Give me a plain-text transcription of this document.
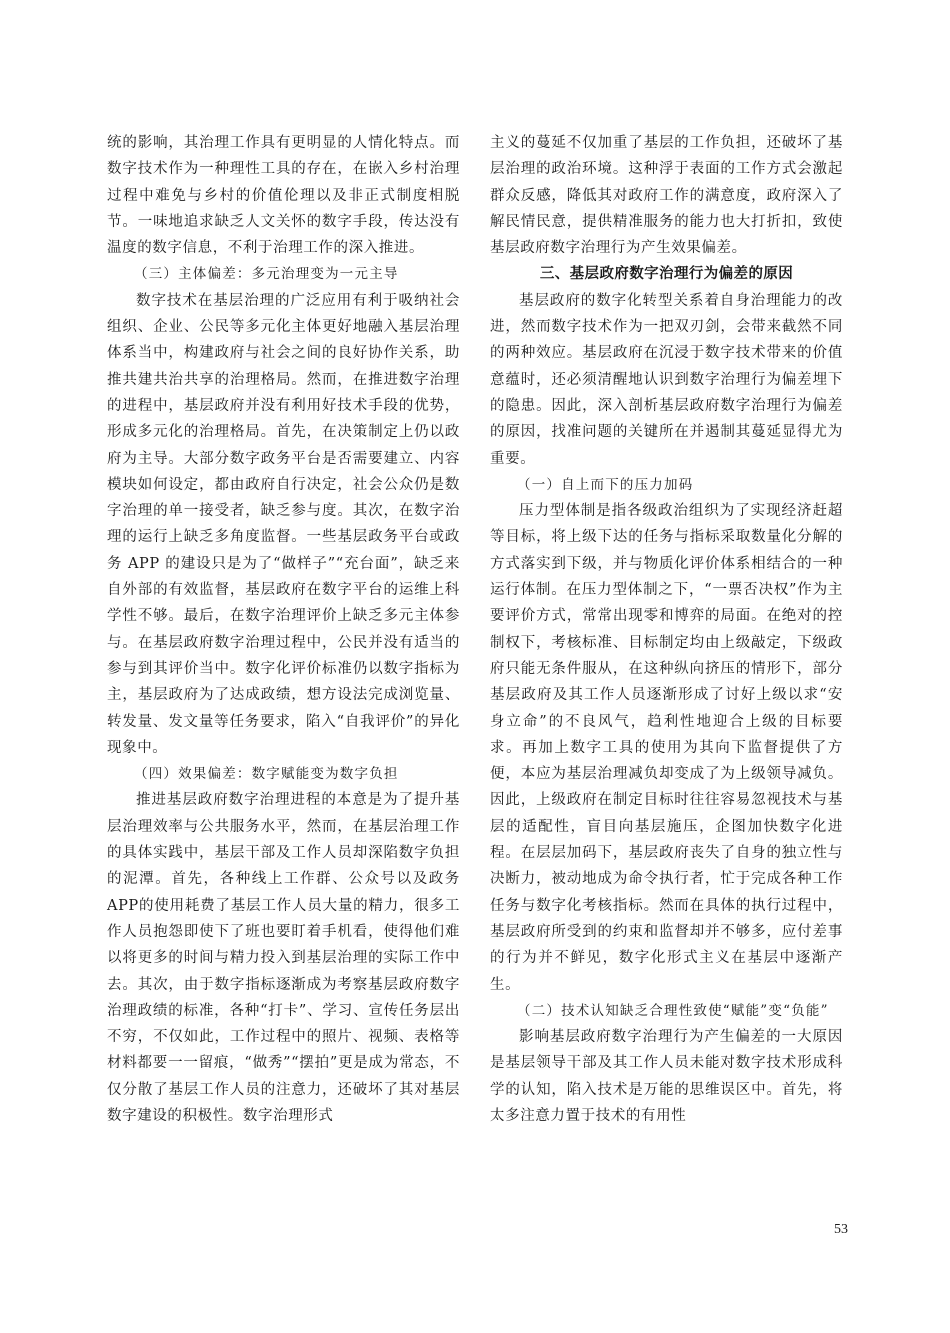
统的影响，其治理工作具有更明显的人情化特点。而数字技术作为一种理性工具的存在，在嵌入乡村治理过程中难免与乡村的价值伦理以及非正式制度相脱节。一味地追求缺乏人文关怀的数字手段，传达没有温度的数字信息，不利于治理工作的深入推进。

（三）主体偏差：多元治理变为一元主导

数字技术在基层治理的广泛应用有利于吸纳社会组织、企业、公民等多元化主体更好地融入基层治理体系当中，构建政府与社会之间的良好协作关系，助推共建共治共享的治理格局。然而，在推进数字治理的进程中，基层政府并没有利用好技术手段的优势，形成多元化的治理格局。首先，在决策制定上仍以政府为主导。大部分数字政务平台是否需要建立、内容模块如何设定，都由政府自行决定，社会公众仍是数字治理的单一接受者，缺乏参与度。其次，在数字治理的运行上缺乏多角度监督。一些基层政务平台或政务 APP 的建设只是为了“做样子”“充台面”，缺乏来自外部的有效监督，基层政府在数字平台的运维上科学性不够。最后，在数字治理评价上缺乏多元主体参与。在基层政府数字治理过程中，公民并没有适当的参与到其评价当中。数字化评价标准仍以数字指标为主，基层政府为了达成政绩，想方设法完成浏览量、转发量、发文量等任务要求，陷入“自我评价”的异化现象中。

（四）效果偏差：数字赋能变为数字负担

推进基层政府数字治理进程的本意是为了提升基层治理效率与公共服务水平，然而，在基层治理工作的具体实践中，基层干部及工作人员却深陷数字负担的泥潭。首先，各种线上工作群、公众号以及政务APP的使用耗费了基层工作人员大量的精力，很多工作人员抱怨即使下了班也要盯着手机看，使得他们难以将更多的时间与精力投入到基层治理的实际工作中去。其次，由于数字指标逐渐成为考察基层政府数字治理政绩的标准，各种“打卡”、学习、宣传任务层出不穷，不仅如此，工作过程中的照片、视频、表格等材料都要一一留痕，“做秀”“摆拍”更是成为常态，不仅分散了基层工作人员的注意力，还破坏了其对基层数字建设的积极性。数字治理形式

主义的蔓延不仅加重了基层的工作负担，还破坏了基层治理的政治环境。这种浮于表面的工作方式会激起群众反感，降低其对政府工作的满意度，政府深入了解民情民意，提供精准服务的能力也大打折扣，致使基层政府数字治理行为产生效果偏差。

三、基层政府数字治理行为偏差的原因

基层政府的数字化转型关系着自身治理能力的改进，然而数字技术作为一把双刃剑，会带来截然不同的两种效应。基层政府在沉浸于数字技术带来的价值意蕴时，还必须清醒地认识到数字治理行为偏差埋下的隐患。因此，深入剖析基层政府数字治理行为偏差的原因，找准问题的关键所在并遏制其蔓延显得尤为重要。

（一）自上而下的压力加码

压力型体制是指各级政治组织为了实现经济赶超等目标，将上级下达的任务与指标采取数量化分解的方式落实到下级，并与物质化评价体系相结合的一种运行体制。在压力型体制之下，“一票否决权”作为主要评价方式，常常出现零和博弈的局面。在绝对的控制权下，考核标准、目标制定均由上级敲定，下级政府只能无条件服从，在这种纵向挤压的情形下，部分基层政府及其工作人员逐渐形成了讨好上级以求“安身立命”的不良风气，趋利性地迎合上级的目标要求。再加上数字工具的使用为其向下监督提供了方便，本应为基层治理减负却变成了为上级领导减负。因此，上级政府在制定目标时往往容易忽视技术与基层的适配性，盲目向基层施压，企图加快数字化进程。在层层加码下，基层政府丧失了自身的独立性与决断力，被动地成为命令执行者，忙于完成各种工作任务与数字化考核指标。然而在具体的执行过程中，基层政府所受到的约束和监督却并不够多，应付差事的行为并不鲜见，数字化形式主义在基层中逐渐产生。

（二）技术认知缺乏合理性致使“赋能”变“负能”

影响基层政府数字治理行为产生偏差的一大原因是基层领导干部及其工作人员未能对数字技术形成科学的认知，陷入技术是万能的思维误区中。首先，将太多注意力置于技术的有用性

53
